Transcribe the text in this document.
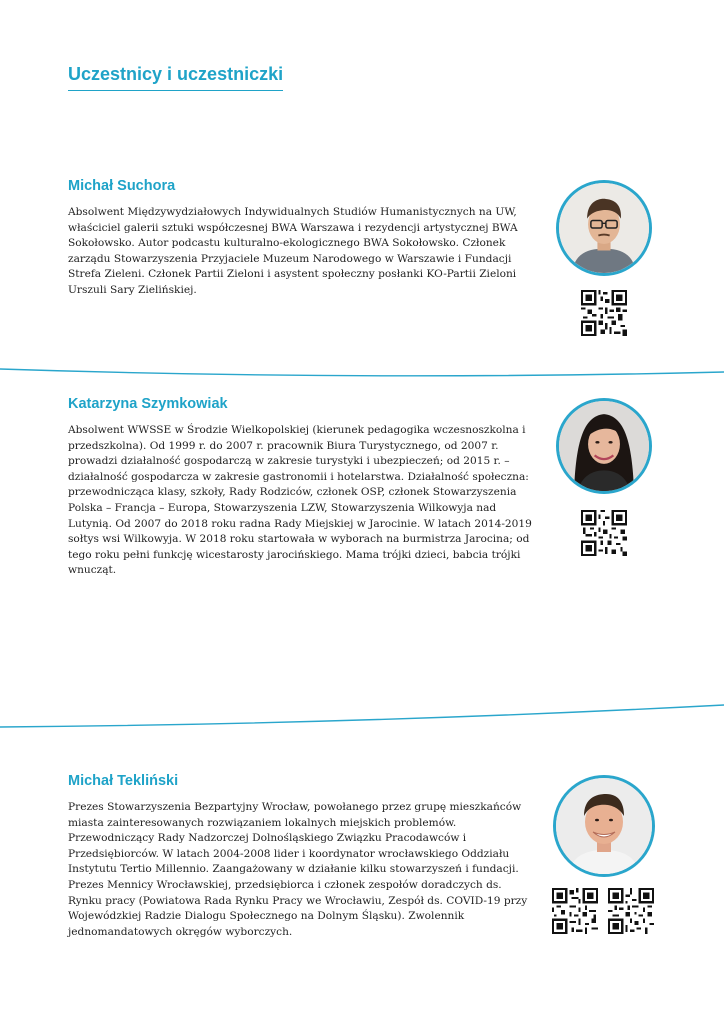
Uczestnicy i uczestniczki
Michał Suchora

Absolwent Międzywydziałowych Indywidualnych Studiów Humanistycznych na UW, właściciel galerii sztuki współczesnej BWA Warszawa i rezydencji artystycznej BWA Sokołowsko. Autor podcastu kulturalno-ekologicznego BWA Sokołowsko. Członek zarządu Stowarzyszenia Przyjaciele Muzeum Narodowego w Warszawie i Fundacji Strefa Zieleni. Członek Partii Zieloni i asystent społeczny posłanki KO-Partii Zieloni Urszuli Sary Zielińskiej.

Katarzyna Szymkowiak

Absolwent WWSSE w Środzie Wielkopolskiej (kierunek pedagogika wczesnoszkolna i przedszkolna). Od 1999 r. do 2007 r. pracownik Biura Turystycznego, od 2007 r. prowadzi działalność gospodarczą w zakresie turystyki i ubezpieczeń; od 2015 r. – działalność gospodarcza w zakresie gastronomii i hotelarstwa. Działalność społeczna: przewodnicząca klasy, szkoły, Rady Rodziców, członek OSP, członek Stowarzyszenia Polska – Francja – Europa, Stowarzyszenia LZW, Stowarzyszenia Wilkowyja nad Lutynią. Od 2007 do 2018 roku radna Rady Miejskiej w Jarocinie. W latach 2014-2019 sołtys wsi Wilkowyja. W 2018 roku startowała w wyborach na burmistrza Jarocina; od tego roku pełni funkcję wicestarosty jarocińskiego. Mama trójki dzieci, babcia trójki wnucząt.

Michał Tekliński

Prezes Stowarzyszenia Bezpartyjny Wrocław, powołanego przez grupę mieszkańców miasta zainteresowanych rozwiązaniem lokalnych miejskich problemów. Przewodniczący Rady Nadzorczej Dolnośląskiego Związku Pracodawców i Przedsiębiorców. W latach 2004-2008 lider i koordynator wrocławskiego Oddziału Instytutu Tertio Millennio. Zaangażowany w działanie kilku stowarzyszeń i fundacji. Prezes Mennicy Wrocławskiej, przedsiębiorca i członek zespołów doradczych ds. Rynku pracy (Powiatowa Rada Rynku Pracy we Wrocławiu, Zespół ds. COVID-19 przy Wojewódzkiej Radzie Dialogu Społecznego na Dolnym Śląsku). Zwolennik jednomandatowych okręgów wyborczych.
